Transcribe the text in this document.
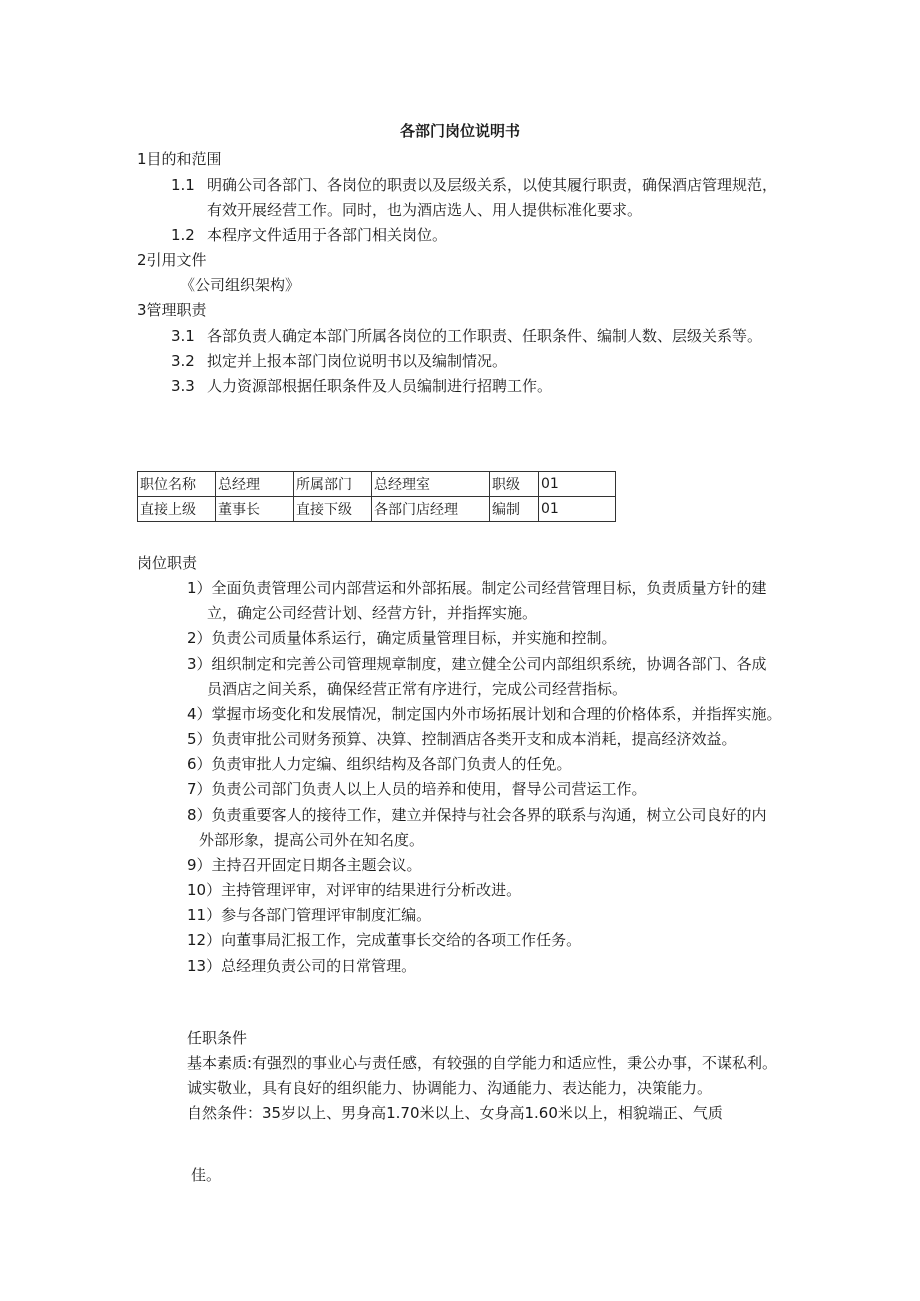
各部门岗位说明书
1目的和范围
1.1 明确公司各部门、各岗位的职责以及层级关系，以使其履行职责，确保酒店管理规范，
有效开展经营工作。同时，也为酒店选人、用人提供标准化要求。
1.2 本程序文件适用于各部门相关岗位。
2引用文件
《公司组织架构》
3管理职责
3.1 各部负责人确定本部门所属各岗位的工作职责、任职条件、编制人数、层级关系等。
3.2 拟定并上报本部门岗位说明书以及编制情况。
3.3 人力资源部根据任职条件及人员编制进行招聘工作。
职位名称	总经理	所属部门	总经理室	职级	01
直接上级	董事长	直接下级	各部门店经理	编制	01
岗位职责
1）全面负责管理公司内部营运和外部拓展。制定公司经营管理目标，负责质量方针的建
立，确定公司经营计划、经营方针，并指挥实施。
2）负责公司质量体系运行，确定质量管理目标，并实施和控制。
3）组织制定和完善公司管理规章制度，建立健全公司内部组织系统，协调各部门、各成
员酒店之间关系，确保经营正常有序进行，完成公司经营指标。
4）掌握市场变化和发展情况，制定国内外市场拓展计划和合理的价格体系，并指挥实施。
5）负责审批公司财务预算、决算、控制酒店各类开支和成本消耗，提高经济效益。
6）负责审批人力定编、组织结构及各部门负责人的任免。
7）负责公司部门负责人以上人员的培养和使用，督导公司营运工作。
8）负责重要客人的接待工作，建立并保持与社会各界的联系与沟通，树立公司良好的内
外部形象，提高公司外在知名度。
9）主持召开固定日期各主题会议。
10）主持管理评审，对评审的结果进行分析改进。
11）参与各部门管理评审制度汇编。
12）向董事局汇报工作，完成董事长交给的各项工作任务。
13）总经理负责公司的日常管理。
任职条件
基本素质:有强烈的事业心与责任感，有较强的自学能力和适应性，秉公办事，不谋私利。
诚实敬业，具有良好的组织能力、协调能力、沟通能力、表达能力，决策能力。
自然条件：35岁以上、男身高1.70米以上、女身高1.60米以上，相貌端正、气质
佳。
